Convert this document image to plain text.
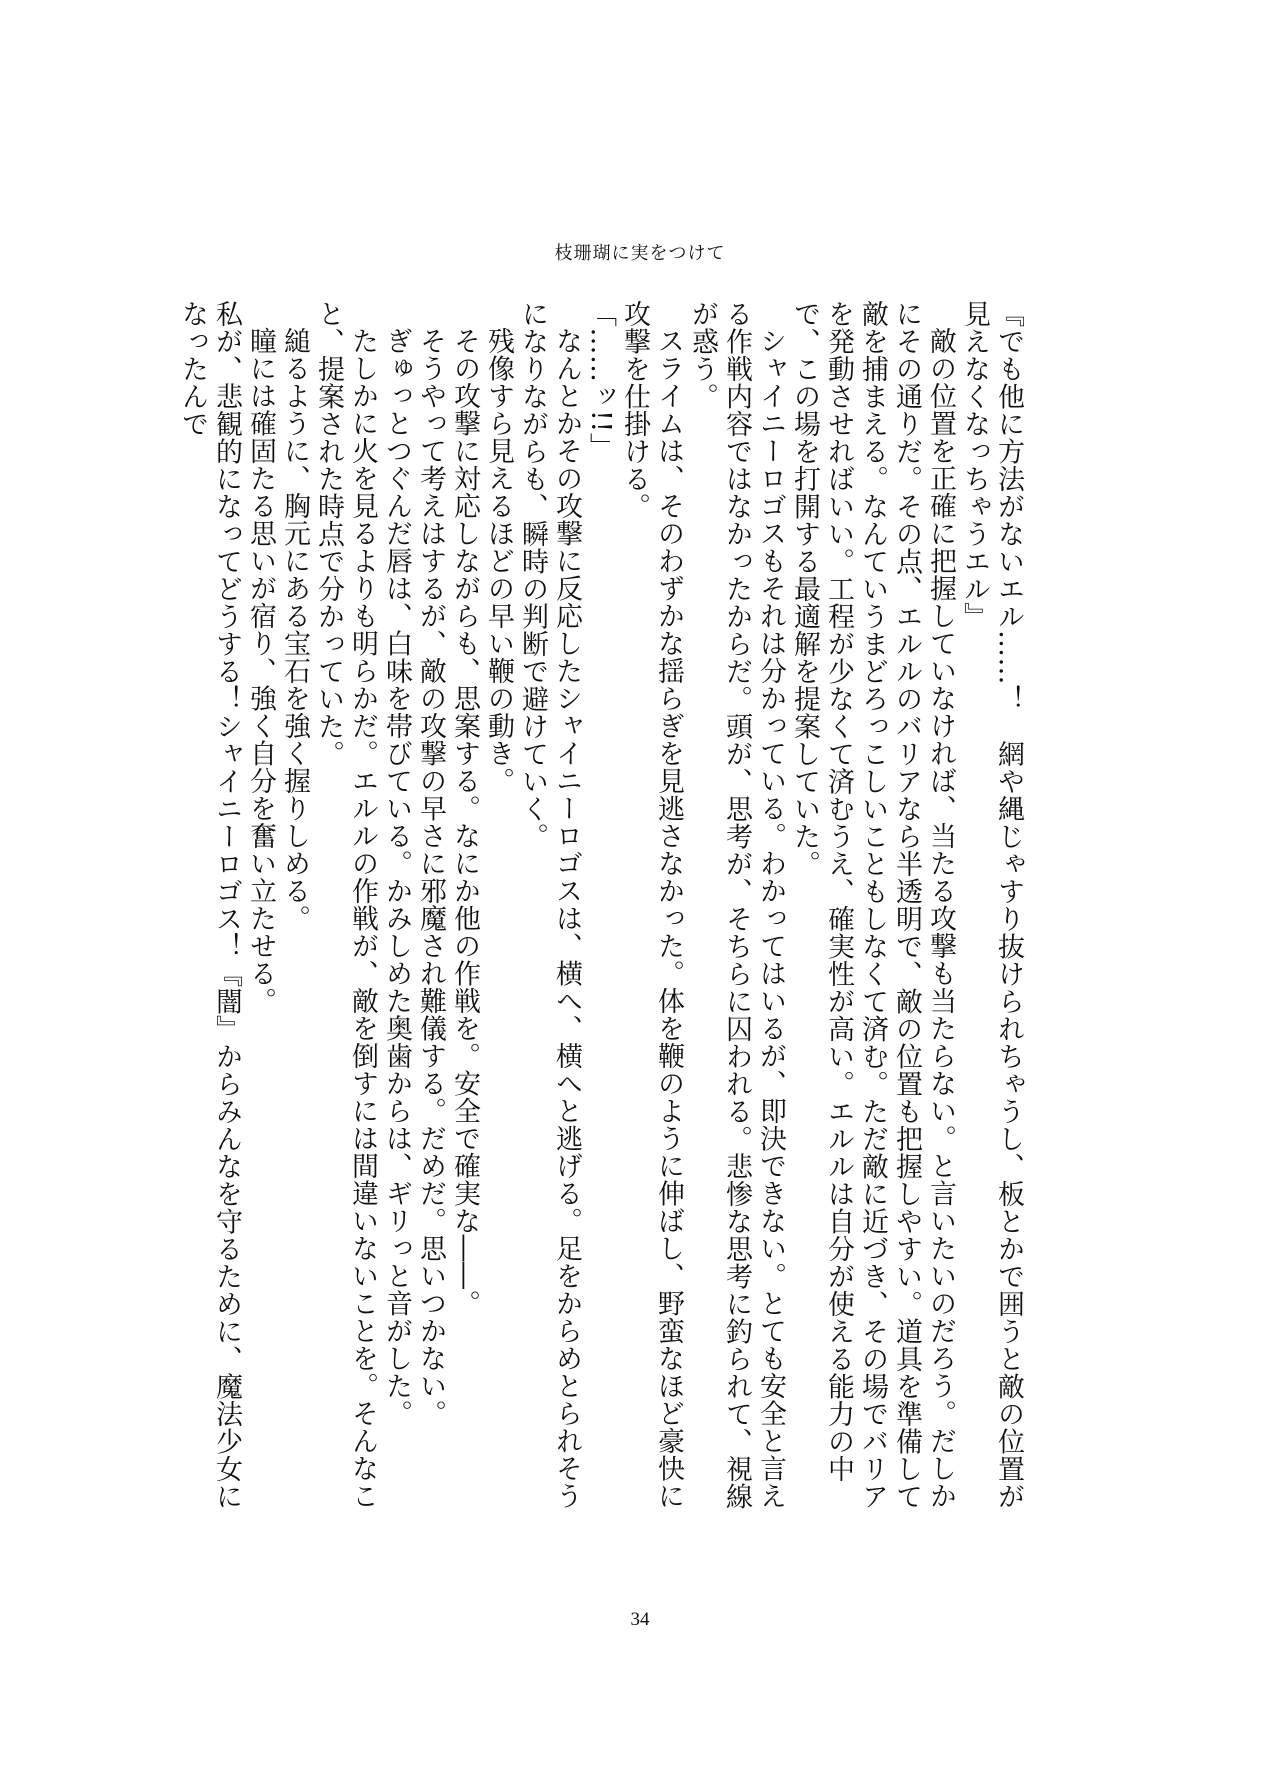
枝珊瑚に実をつけて

『でも他に方法がないエル……！　網や縄じゃすり抜けられちゃうし、板とかで囲うと敵の位置が見えなくなっちゃうエル』

敵の位置を正確に把握していなければ、当たる攻撃も当たらない。と言いたいのだろう。だしかにその通りだ。その点、エルルのバリアなら半透明で、敵の位置も把握しやすい。道具を準備して敵を捕まえる。なんていうまどろっこしいこともしなくて済む。ただ敵に近づき、その場でバリアを発動させればいい。工程が少なくて済むうえ、確実性が高い。エルルは自分が使える能力の中で、この場を打開する最適解を提案していた。

シャイニーロゴスもそれは分かっている。わかってはいるが、即決できない。とても安全と言える作戦内容ではなかったからだ。頭が、思考が、そちらに囚われる。悲惨な思考に釣られて、視線が惑う。

スライムは、そのわずかな揺らぎを見逃さなかった。体を鞭のように伸ばし、野蛮なほど豪快に攻撃を仕掛ける。

「……ッ!!」

なんとかその攻撃に反応したシャイニーロゴスは、横へ、横へと逃げる。足をからめとられそうになりながらも、瞬時の判断で避けていく。

残像すら見えるほどの早い鞭の動き。

その攻撃に対応しながらも、思案する。なにか他の作戦を。安全で確実な――。

そうやって考えはするが、敵の攻撃の早さに邪魔され難儀する。だめだ。思いつかない。

ぎゅっとつぐんだ唇は、白味を帯びている。かみしめた奥歯からは、ギリっと音がした。

たしかに火を見るよりも明らかだ。エルルの作戦が、敵を倒すには間違いないことを。そんなこと、提案された時点で分かっていた。

縋るように、胸元にある宝石を強く握りしめる。

瞳には確固たる思いが宿り、強く自分を奮い立たせる。

私が、悲観的になってどうする！シャイニーロゴス！『闇』からみんなを守るために、魔法少女になったんで

34
